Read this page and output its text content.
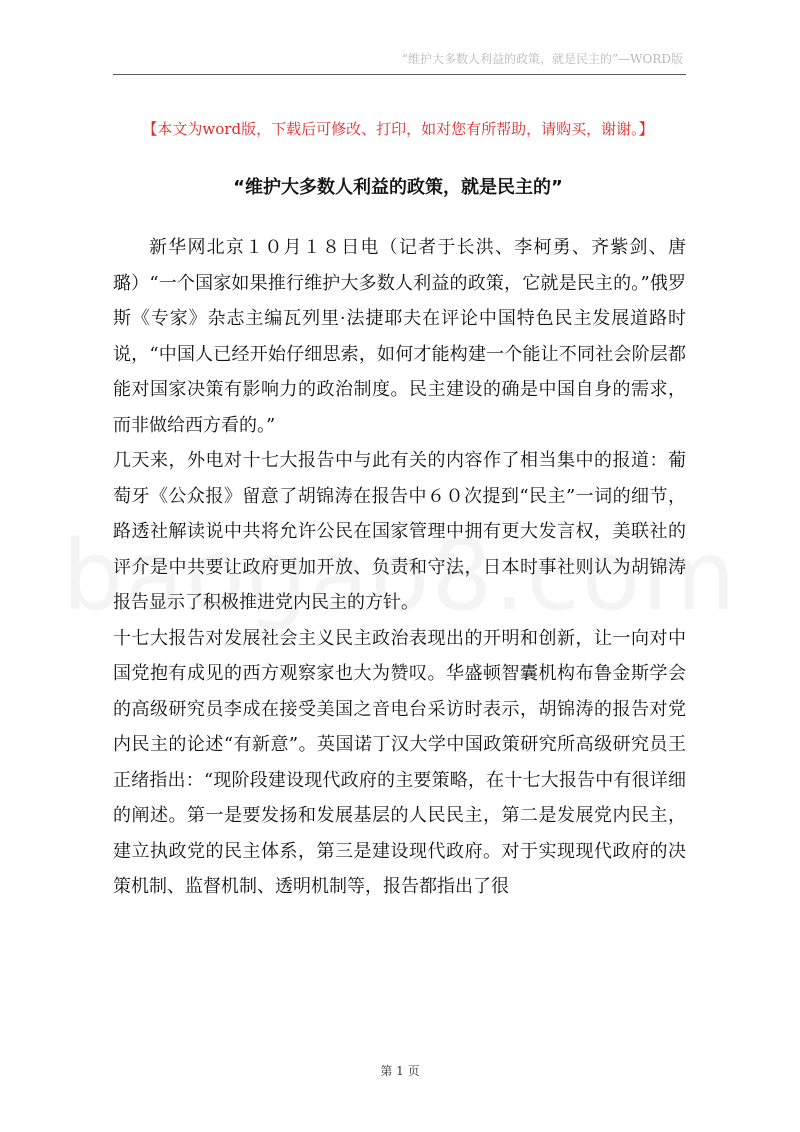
“维护大多数人利益的政策，就是民主的”—WORD版
【本文为word版，下载后可修改、打印，如对您有所帮助，请购买，谢谢。】
“维护大多数人利益的政策，就是民主的”

新华网北京１０月１８日电（记者于长洪、李柯勇、齐紫剑、唐璐）“一个国家如果推行维护大多数人利益的政策，它就是民主的。”俄罗斯《专家》杂志主编瓦列里·法捷耶夫在评论中国特色民主发展道路时说，“中国人已经开始仔细思索，如何才能构建一个能让不同社会阶层都能对国家决策有影响力的政治制度。民主建设的确是中国自身的需求，而非做给西方看的。”

几天来，外电对十七大报告中与此有关的内容作了相当集中的报道：葡萄牙《公众报》留意了胡锦涛在报告中６０次提到“民主”一词的细节，路透社解读说中共将允许公民在国家管理中拥有更大发言权，美联社的评介是中共要让政府更加开放、负责和守法，日本时事社则认为胡锦涛报告显示了积极推进党内民主的方针。

十七大报告对发展社会主义民主政治表现出的开明和创新，让一向对中国党抱有成见的西方观察家也大为赞叹。华盛顿智囊机构布鲁金斯学会的高级研究员李成在接受美国之音电台采访时表示，胡锦涛的报告对党内民主的论述“有新意”。英国诺丁汉大学中国政策研究所高级研究员王正绪指出：“现阶段建设现代政府的主要策略，在十七大报告中有很详细的阐述。第一是要发扬和发展基层的人民民主，第二是发展党内民主，建立执政党的民主体系，第三是建设现代政府。对于实现现代政府的决策机制、监督机制、透明机制等，报告都指出了很

第 1 页
